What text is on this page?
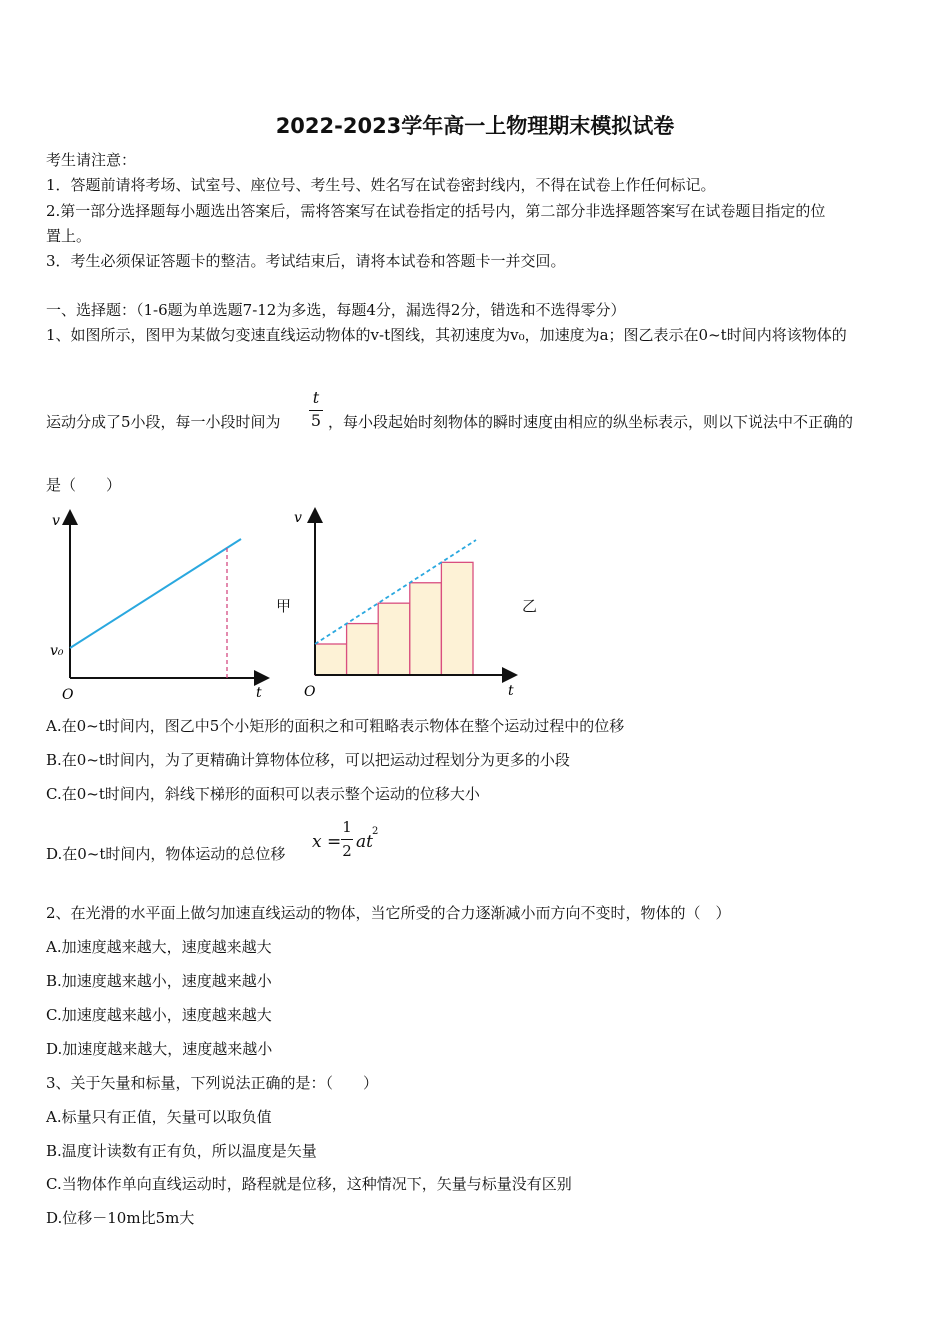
2022-2023学年高一上物理期末模拟试卷
考生请注意：
1．答题前请将考场、试室号、座位号、考生号、姓名写在试卷密封线内，不得在试卷上作任何标记。
2.第一部分选择题每小题选出答案后，需将答案写在试卷指定的括号内，第二部分非选择题答案写在试卷题目指定的位
置上。
3．考生必须保证答题卡的整洁。考试结束后，请将本试卷和答题卡一并交回。
一、选择题：（1-6题为单选题7-12为多选，每题4分，漏选得2分，错选和不选得零分）
1、如图所示，图甲为某做匀变速直线运动物体的v-t图线，其初速度为v₀，加速度为a；图乙表示在0~t时间内将该物体的
t
5
运动分成了5小段，每一小段时间为	，每小段起始时刻物体的瞬时速度由相应的纵坐标表示，则以下说法中不正确的
是（　　）
v
t
O
v₀
甲
v
t
O
乙
A.在0~t时间内，图乙中5个小矩形的面积之和可粗略表示物体在整个运动过程中的位移
B.在0~t时间内，为了更精确计算物体位移，可以把运动过程划分为更多的小段
C.在0~t时间内，斜线下梯形的面积可以表示整个运动的位移大小
D.在0~t时间内，物体运动的总位移
x =
1
2 at
2
2、在光滑的水平面上做匀加速直线运动的物体，当它所受的合力逐渐减小而方向不变时，物体的（　）
A.加速度越来越大，速度越来越大
B.加速度越来越小，速度越来越小
C.加速度越来越小，速度越来越大
D.加速度越来越大，速度越来越小
3、关于矢量和标量，下列说法正确的是：（　　）
A.标量只有正值，矢量可以取负值
B.温度计读数有正有负，所以温度是矢量
C.当物体作单向直线运动时，路程就是位移，这种情况下，矢量与标量没有区别
D.位移－10m比5m大
